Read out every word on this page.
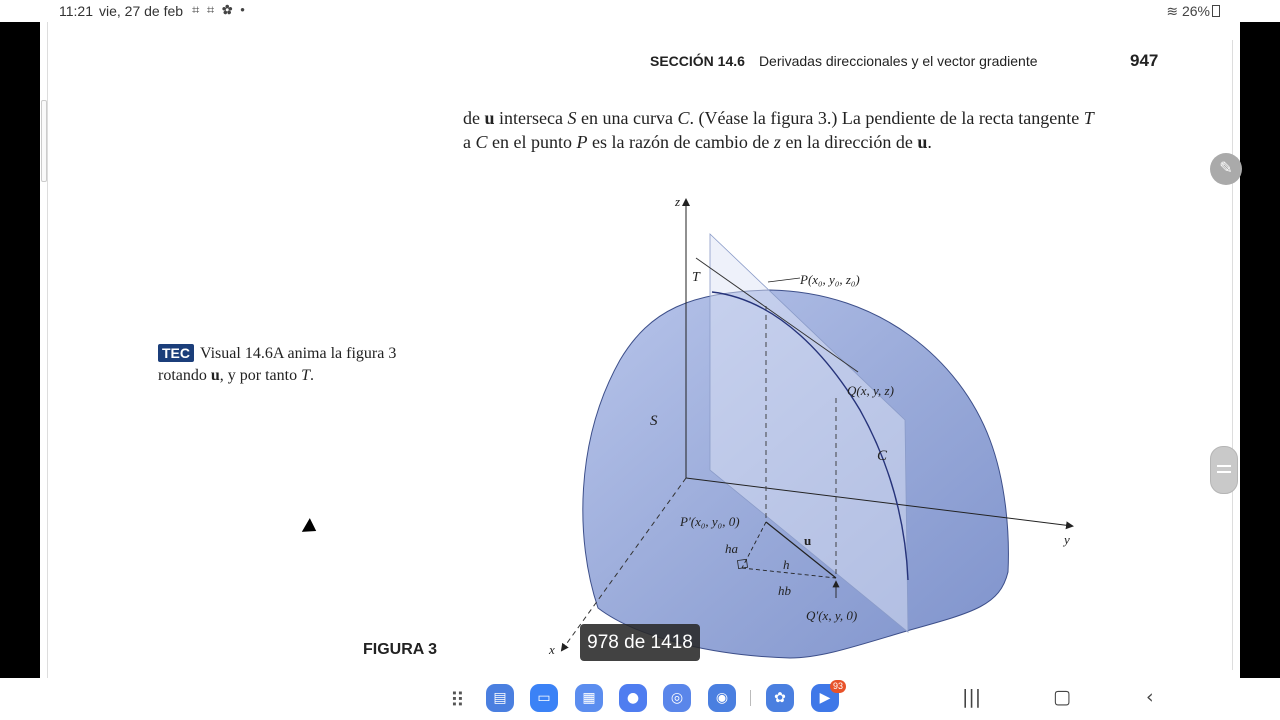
11:21 vie, 27 de feb ⌗ ⌗ ✿ •	≋ 26%
SECCIÓN 14.6 Derivadas direccionales y el vector gradiente	947
de u interseca S en una curva C. (Véase la figura 3.) La pendiente de la recta tangente T
a C en el punto P es la razón de cambio de z en la dirección de u.
TEC Visual 14.6A anima la figura 3
rotando u, y por tanto T.
z
y
x
T	P(x₀, y₀, z₀)
Q(x, y, z)
S
C
P′(x₀, y₀, 0)
u
ha
h
hb
Q′(x, y, 0)
FIGURA 3	978 de 1418
✎
⠿	▤	▭	▦	●	◎	◉	✿	▶
93	|||	▢	‹
